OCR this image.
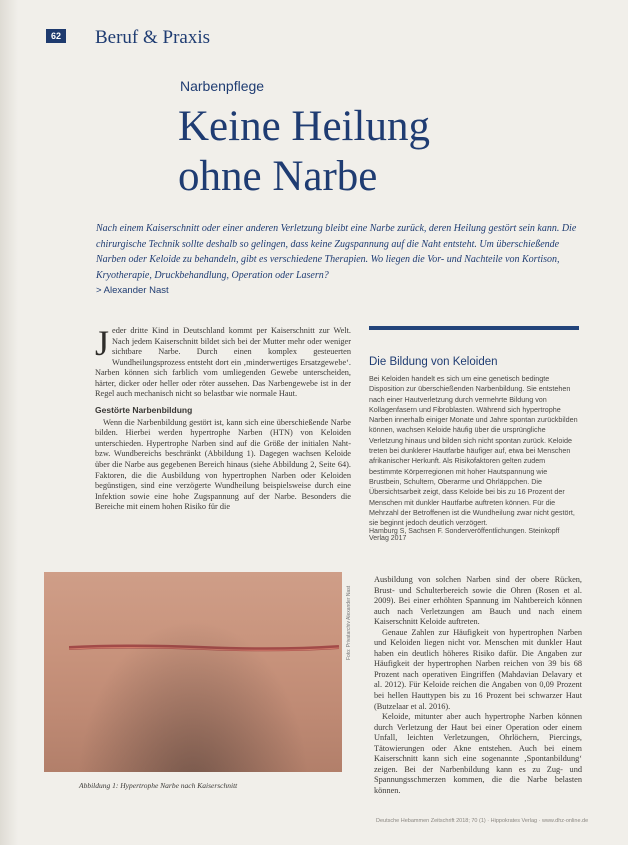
62 Beruf & Praxis
Narbenpflege
Keine Heilung
ohne Narbe
Nach einem Kaiserschnitt oder einer anderen Verletzung bleibt eine Narbe zurück, deren Heilung gestört sein kann. Die chirurgische Technik sollte deshalb so gelingen, dass keine Zugspannung auf die Naht entsteht. Um überschießende Narben oder Keloide zu behandeln, gibt es verschiedene Therapien. Wo liegen die Vor- und Nachteile von Kortison, Kryotherapie, Druckbehandlung, Operation oder Lasern?
> Alexander Nast

Jeder dritte Kind in Deutschland kommt per Kaiserschnitt zur Welt. Nach jedem Kaiserschnitt bildet sich bei der Mutter mehr oder weniger sichtbare Narbe. Durch einen komplex gesteuerten Wundheilungsprozess entsteht dort ein ‚minderwertiges Ersatzgewebe‘. Narben können sich farblich vom umliegenden Gewebe unterscheiden, härter, dicker oder heller oder röter aussehen. Das Narbengewebe ist in der Regel auch mechanisch nicht so belastbar wie normale Haut.

Gestörte Narbenbildung

Wenn die Narbenbildung gestört ist, kann sich eine überschießende Narbe bilden. Hierbei werden hypertrophe Narben (HTN) von Keloiden unterschieden. Hypertrophe Narben sind auf die Größe der initialen Naht- bzw. Wundbereichs beschränkt (Abbildung 1). Dagegen wachsen Keloide über die Narbe aus gegebenen Bereich hinaus (siehe Abbildung 2, Seite 64). Faktoren, die die Ausbildung von hypertrophen Narben oder Keloiden begünstigen, sind eine verzögerte Wundheilung beispielsweise durch eine Infektion sowie eine hohe Zugspannung auf der Narbe. Besonders die Bereiche mit einem hohen Risiko für die

Die Bildung von Keloiden
Bei Keloiden handelt es sich um eine genetisch bedingte Disposition zur überschießenden Narbenbildung. Sie entstehen nach einer Hautverletzung durch vermehrte Bildung von Kollagenfasern und Fibroblasten. Während sich hypertrophe Narben innerhalb einiger Monate und Jahre spontan zurückbilden können, wachsen Keloide häufig über die ursprüngliche Verletzung hinaus und bilden sich nicht spontan zurück. Keloide treten bei dunklerer Hautfarbe häufiger auf, etwa bei Menschen afrikanischer Herkunft. Als Risikofaktoren gelten zudem bestimmte Körperregionen mit hoher Hautspannung wie Brustbein, Schultern, Oberarme und Ohrläppchen. Die Übersichtsarbeit zeigt, dass Keloide bei bis zu 16 Prozent der Menschen mit dunkler Hautfarbe auftreten können. Für die Mehrzahl der Betroffenen ist die Wundheilung zwar nicht gestört, sie beginnt jedoch deutlich verzögert.
Hamburg S, Sachsen F. Sonderveröffentlichungen. Steinkopff Verlag 2017
Foto: Privatarchiv Alexander Nast
Abbildung 1: Hypertrophe Narbe nach Kaiserschnitt

Ausbildung von solchen Narben sind der obere Rücken, Brust- und Schulterbereich sowie die Ohren (Rosen et al. 2009). Bei einer erhöhten Spannung im Nahtbereich können auch nach Verletzungen am Bauch und nach einem Kaiserschnitt Keloide auftreten.

Genaue Zahlen zur Häufigkeit von hypertrophen Narben und Keloiden liegen nicht vor. Menschen mit dunkler Haut haben ein deutlich höheres Risiko dafür. Die Angaben zur Häufigkeit der hypertrophen Narben reichen von 39 bis 68 Prozent nach operativen Eingriffen (Mahdavian Delavary et al. 2012). Für Keloide reichen die Angaben von 0,09 Prozent bei hellen Hauttypen bis zu 16 Prozent bei schwarzer Haut (Butzelaar et al. 2016).

Keloide, mitunter aber auch hypertrophe Narben können durch Verletzung der Haut bei einer Operation oder einem Unfall, leichten Verletzungen, Ohrlöchern, Piercings, Tätowierungen oder Akne entstehen. Auch bei einem Kaiserschnitt kann sich eine sogenannte ‚Spontanbildung‘ zeigen. Bei der Narbenbildung kann es zu Zug- und Spannungsschmerzen kommen, die die Narbe belasten können.

Deutsche Hebammen Zeitschrift 2018; 70 (1) · Hippokrates Verlag · www.dhz-online.de
